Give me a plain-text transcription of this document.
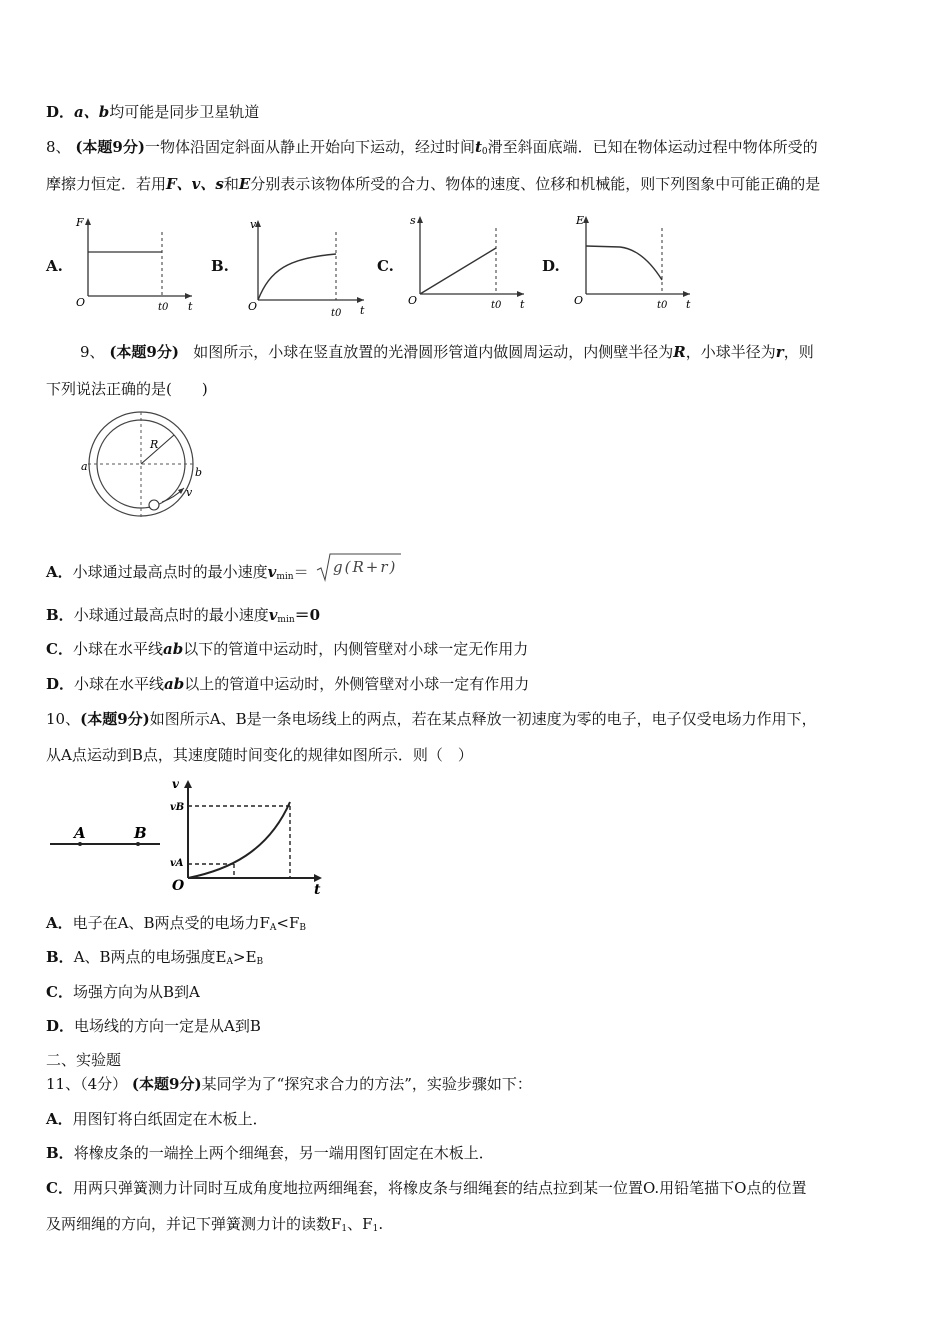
D．a、b均可能是同步卫星轨道
8、 (本题9分)一物体沿固定斜面从静止开始向下运动，经过时间$t_0$滑至斜面底端．已知在物体运动过程中物体所受的
摩擦力恒定．若用F、v、s和E分别表示该物体所受的合力、物体的速度、位移和机械能，则下列图象中可能正确的是
A.
F
t
O	t0
B.
v
t
O
t0
C.
s
t
O	t0
D.
E
t
O	t0
9、 (本题9分) 如图所示，小球在竖直放置的光滑圆形管道内做圆周运动，内侧壁半径为R，小球半径为r，则
下列说法正确的是(　　)
R
a	b
v
A．小球通过最高点时的最小速度$v_{min}= g(R+r)$
B．小球通过最高点时的最小速度$v_{min}=0$
C．小球在水平线ab以下的管道中运动时，内侧管壁对小球一定无作用力
D．小球在水平线ab以上的管道中运动时，外侧管壁对小球一定有作用力
10、(本题9分)如图所示A、B是一条电场线上的两点，若在某点释放一初速度为零的电子，电子仅受电场力作用下，
从A点运动到B点，其速度随时间变化的规律如图所示．则（　）
A	B
v
vB
vA
O	t
A．电子在A、B两点受的电场力$F_A<F_B$
B．A、B两点的电场强度$E_A>E_B$
C．场强方向为从B到A
D．电场线的方向一定是从A到B
二、实验题
11、（4分） (本题9分)某同学为了“探究求合力的方法”，实验步骤如下：
A．用图钉将白纸固定在木板上．
B．将橡皮条的一端拴上两个细绳套，另一端用图钉固定在木板上．
C．用两只弹簧测力计同时互成角度地拉两细绳套，将橡皮条与细绳套的结点拉到某一位置O.用铅笔描下O点的位置
及两细绳的方向，并记下弹簧测力计的读数$F_1$、$F_1$.
